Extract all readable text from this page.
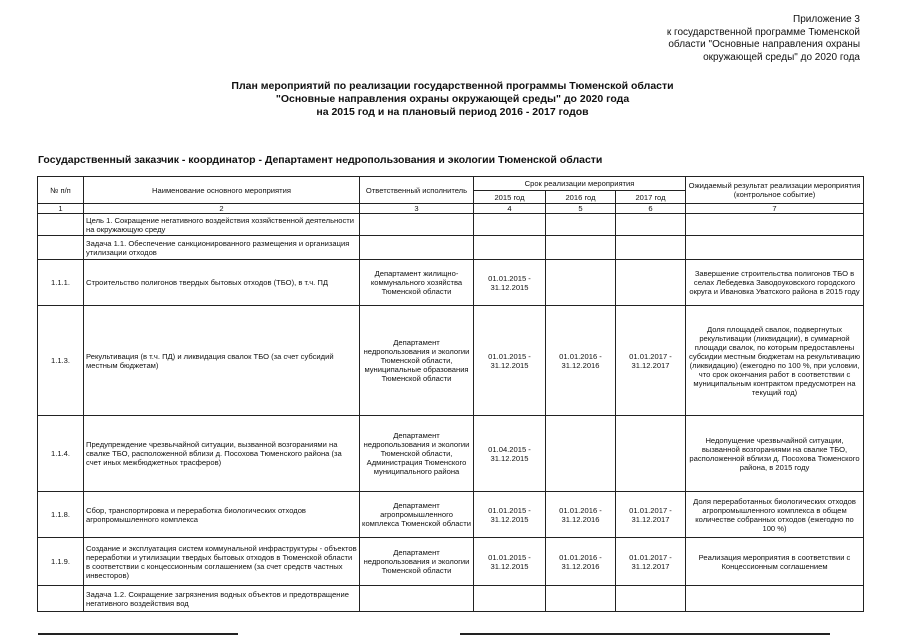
Приложение 3
к государственной программе Тюменской
области "Основные направления охраны
окружающей среды" до 2020 года
План мероприятий по реализации государственной программы Тюменской области
"Основные направления охраны окружающей среды" до 2020 года
на 2015 год и на плановый период 2016 - 2017 годов
Государственный заказчик - координатор - Департамент недропользования и экологии Тюменской области
№ п/п	Наименование основного мероприятия	Ответственный исполнитель	Срок реализации мероприятия			Ожидаемый результат реализации мероприятия (контрольное событие)
			2015 год	2016 год	2017 год	
1	2	3	4	5	6	7
	Цель 1. Сокращение негативного воздействия хозяйственной деятельности на окружающую среду					
	Задача 1.1. Обеспечение санкционированного размещения и организация утилизации отходов					
1.1.1.	Строительство полигонов твердых бытовых отходов (ТБО), в т.ч. ПД	Департамент жилищно-коммунального хозяйства Тюменской области	01.01.2015 - 31.12.2015			Завершение строительства полигонов ТБО в селах Лебедевка Заводоуковского городского округа и Ивановка Уватского района в 2015 году
1.1.3.	Рекультивация (в т.ч. ПД) и ликвидация свалок ТБО (за счет субсидий местным бюджетам)	Департамент недропользования и экологии Тюменской области, муниципальные образования Тюменской области	01.01.2015 - 31.12.2015	01.01.2016 - 31.12.2016	01.01.2017 - 31.12.2017	Доля площадей свалок, подвергнутых рекультивации (ликвидации), в суммарной площади свалок, по которым предоставлены субсидии местным бюджетам на рекультивацию (ликвидацию) (ежегодно по 100 %, при условии, что срок окончания работ в соответствии с муниципальным контрактом предусмотрен на текущий год)
1.1.4.	Предупреждение чрезвычайной ситуации, вызванной возгораниями на свалке ТБО, расположенной вблизи д. Посохова Тюменского района (за счет иных межбюджетных трасферов)	Департамент недропользования и экологии Тюменской области, Администрация Тюменского муниципального района	01.04.2015 - 31.12.2015			Недопущение чрезвычайной ситуации, вызванной возгораниями на свалке ТБО, расположенной вблизи д. Посохова Тюменского района, в 2015 году
1.1.8.	Сбор, транспортировка и переработка биологических отходов агропромышленного комплекса	Департамент агропромышленного комплекса Тюменской области	01.01.2015 - 31.12.2015	01.01.2016 - 31.12.2016	01.01.2017 - 31.12.2017	Доля переработанных биологических отходов агропромышленного комплекса в общем количестве собранных отходов (ежегодно по 100 %)
1.1.9.	Создание и эксплуатация систем коммунальной инфраструктуры - объектов переработки и утилизации твердых бытовых отходов в Тюменской области в соответствии с концессионным соглашением (за счет средств частных инвесторов)	Департамент недропользования и экологии Тюменской области	01.01.2015 - 31.12.2015	01.01.2016 - 31.12.2016	01.01.2017 - 31.12.2017	Реализация мероприятия в соответствии с Концессионным соглашением
	Задача 1.2. Сокращение загрязнения водных объектов и предотвращение негативного воздействия вод					
